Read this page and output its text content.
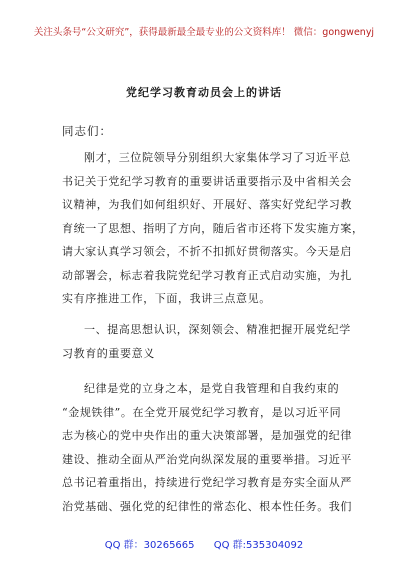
关注头条号“公文研究”，获得最新最全最专业的公文资料库！ 微信：gongwenyj
党纪学习教育动员会上的讲话
同志们：
刚才，三位院领导分别组织大家集体学习了习近平总
书记关于党纪学习教育的重要讲话重要指示及中省相关会
议精神，为我们如何组织好、开展好、落实好党纪学习教
育统一了思想、指明了方向，随后省市还将下发实施方案，
请大家认真学习领会，不折不扣抓好贯彻落实。今天是启
动部署会，标志着我院党纪学习教育正式启动实施，为扎
实有序推进工作，下面，我讲三点意见。
一、提高思想认识，深刻领会、精准把握开展党纪学
习教育的重要意义
纪律是党的立身之本，是党自我管理和自我约束的
“金规铁律”。在全党开展党纪学习教育，是以习近平同
志为核心的党中央作出的重大决策部署，是加强党的纪律
建设、推动全面从严治党向纵深发展的重要举措。习近平
总书记着重指出，持续进行党纪学习教育是夯实全面从严
治党基础、强化党的纪律性的常态化、根本性任务。我们
QQ 群：30265665 QQ 群:535304092
